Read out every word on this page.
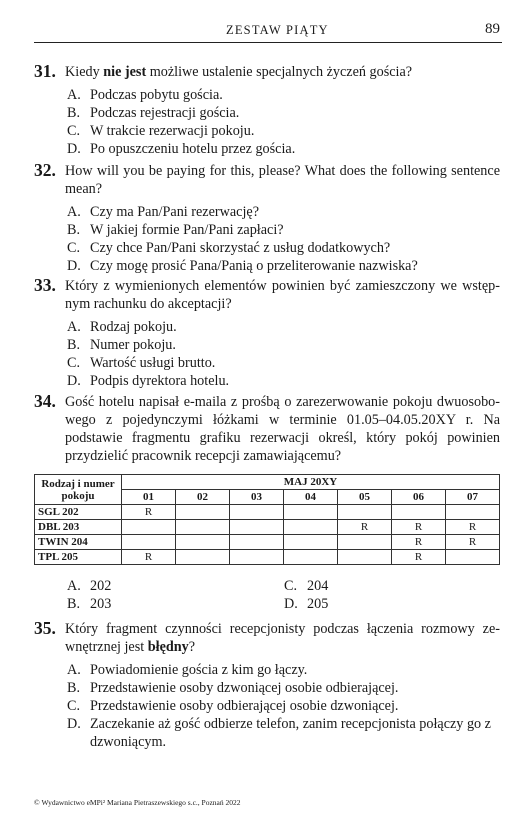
ZESTAW PIĄTY	89
31. Kiedy nie jest możliwe ustalenie specjalnych życzeń gościa?
A. Podczas pobytu gościa.
B. Podczas rejestracji gościa.
C. W trakcie rezerwacji pokoju.
D. Po opuszczeniu hotelu przez gościa.
32. How will you be paying for this, please? What does the following sentence mean?
A. Czy ma Pan/Pani rezerwację?
B. W jakiej formie Pan/Pani zapłaci?
C. Czy chce Pan/Pani skorzystać z usług dodatkowych?
D. Czy mogę prosić Pana/Panią o przeliterowanie nazwiska?
33. Który z wymienionych elementów powinien być zamieszczony we wstępnym rachunku do akceptacji?
A. Rodzaj pokoju.
B. Numer pokoju.
C. Wartość usługi brutto.
D. Podpis dyrektora hotelu.
34. Gość hotelu napisał e-maila z prośbą o zarezerwowanie pokoju dwuosobowego z pojedynczymi łóżkami w terminie 01.05–04.05.20XY r. Na podstawie fragmentu grafiku rezerwacji określ, który pokój powinien przydzielić pracownik recepcji zamawiającemu?
Rodzaj i numer pokoju	MAJ 20XY						
	01	02	03	04	05	06	07
SGL 202	R						
DBL 203					R	R	R
TWIN 204						R	R
TPL 205	R					R	
A. 202	C. 204
B. 203	D. 205
35. Który fragment czynności recepcjonisty podczas łączenia rozmowy zewnętrznej jest błędny?
A. Powiadomienie gościa z kim go łączy.
B. Przedstawienie osoby dzwoniącej osobie odbierającej.
C. Przedstawienie osoby odbierającej osobie dzwoniącej.
D. Zaczekanie aż gość odbierze telefon, zanim recepcjonista połączy go z dzwoniącym.
© Wydawnictwo eMPi² Mariana Pietraszewskiego s.c., Poznań 2022
